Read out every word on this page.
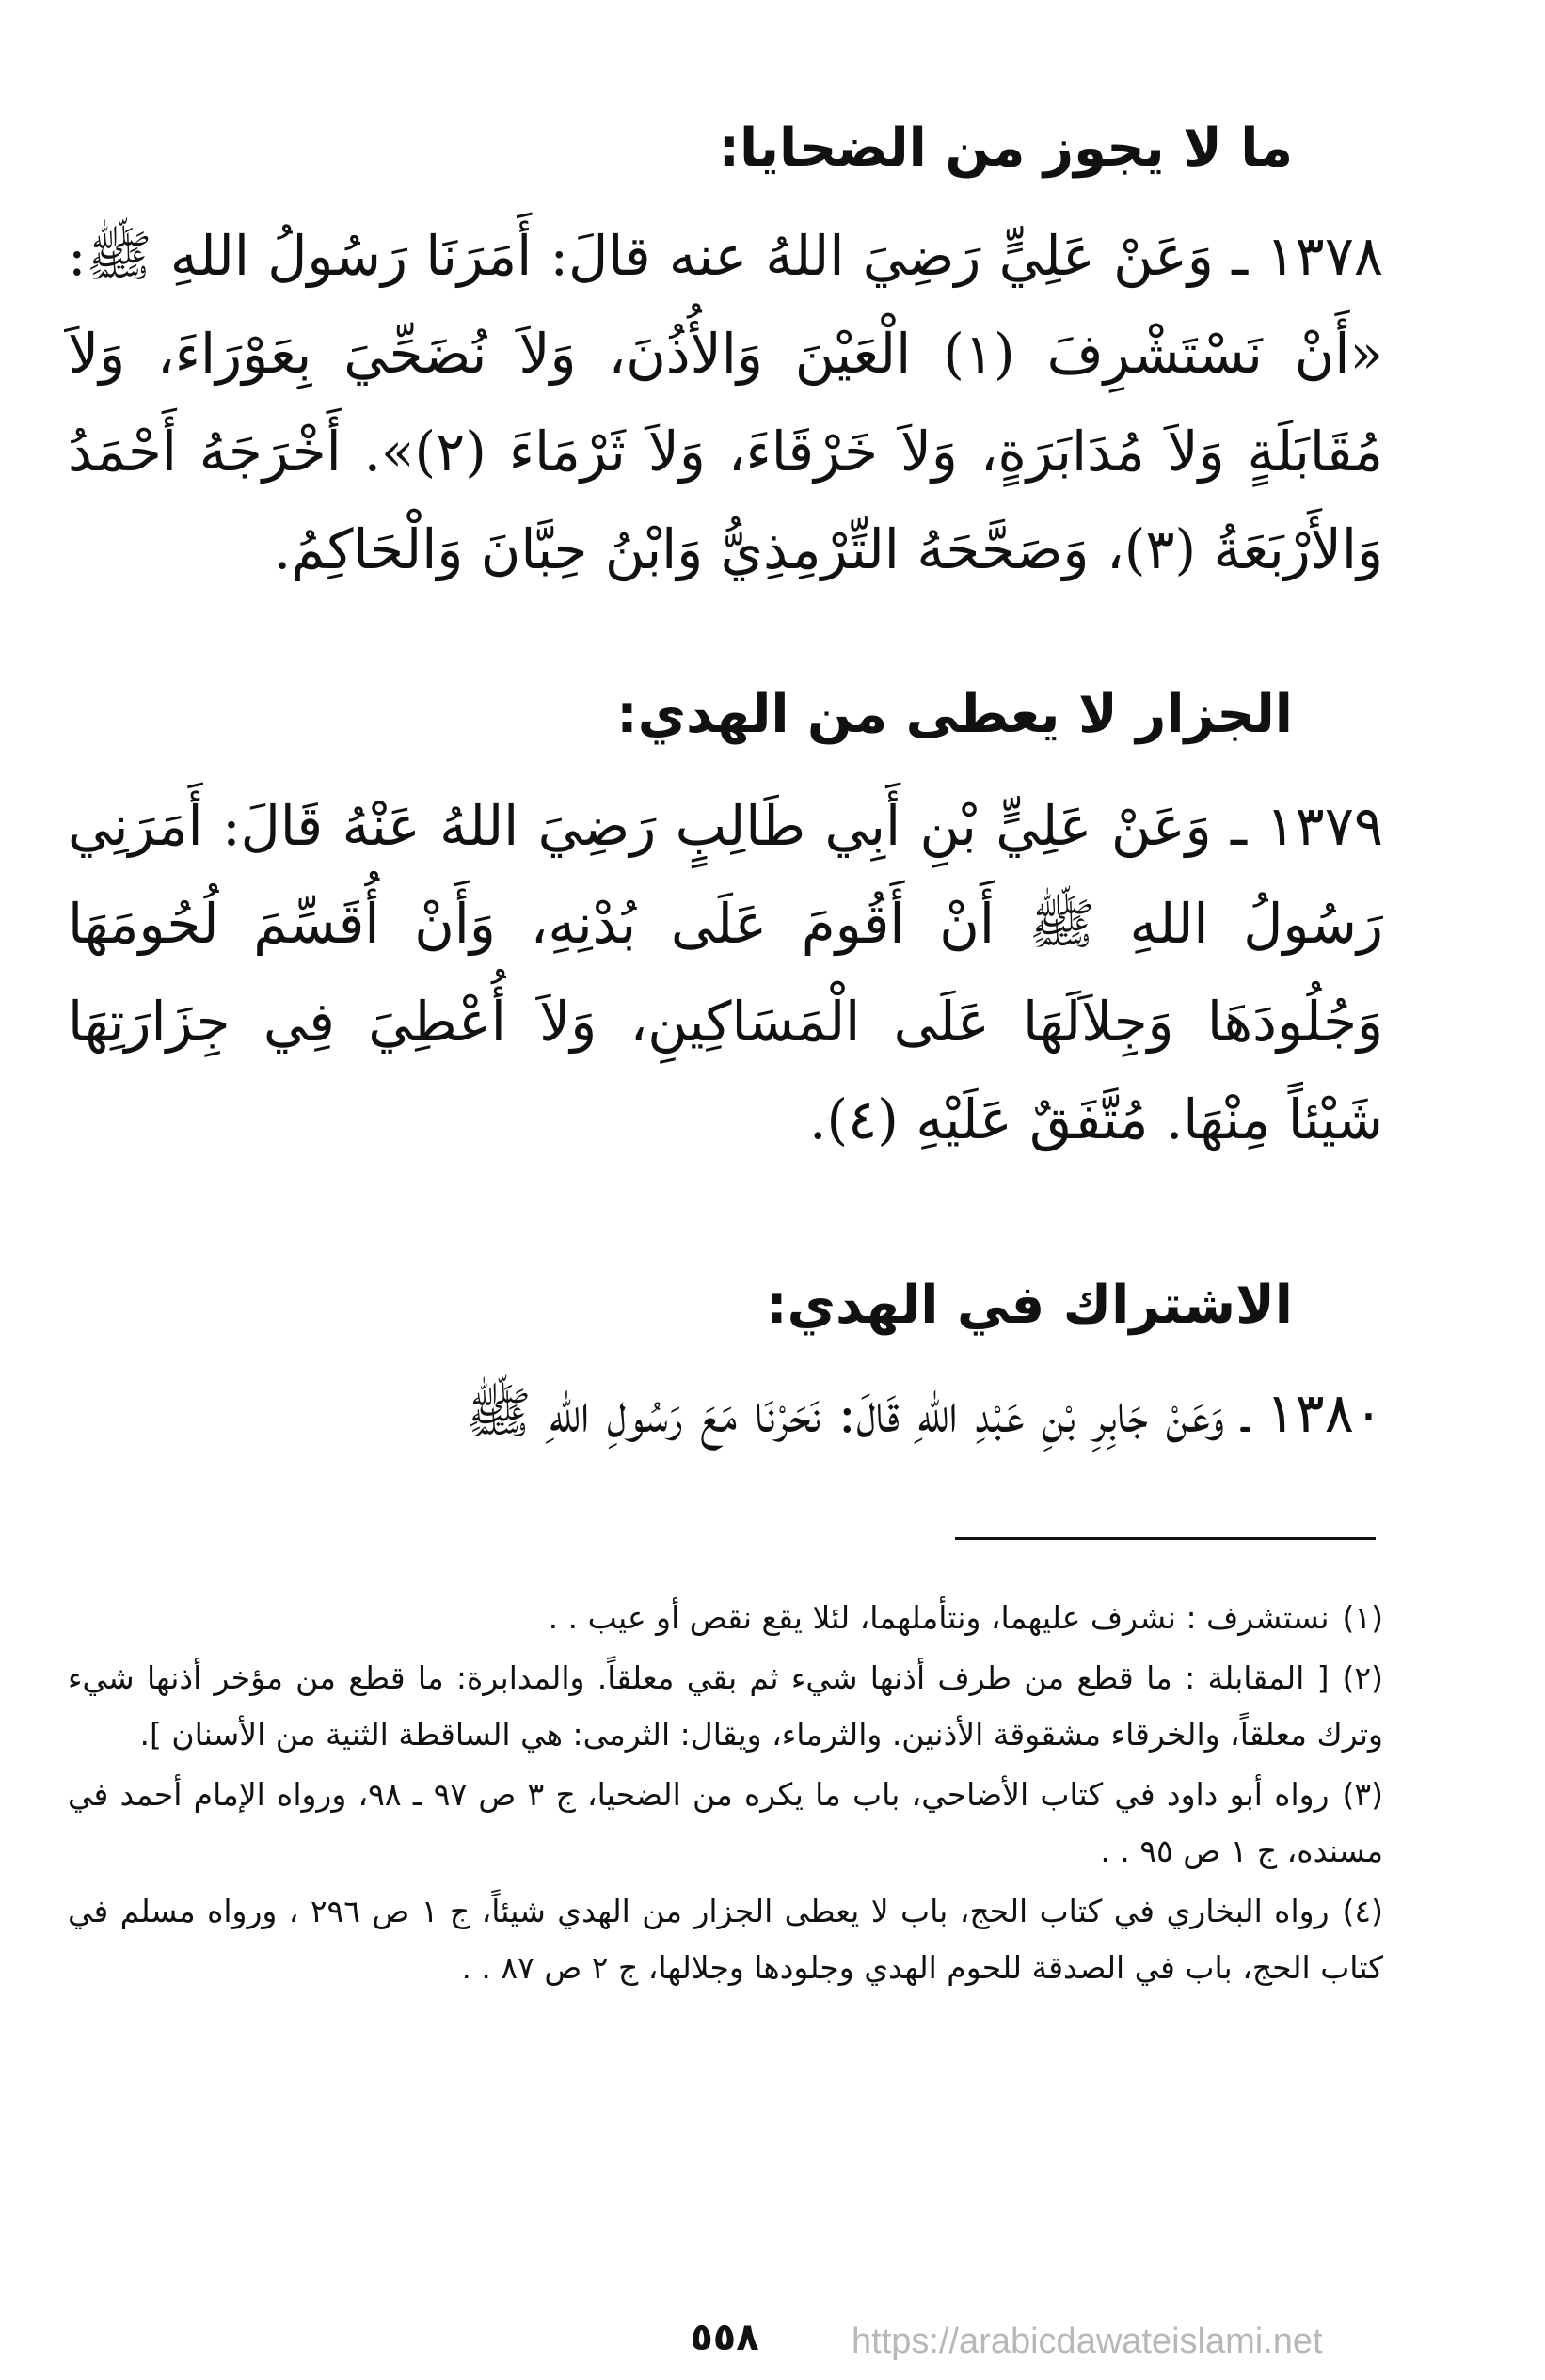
ما لا يجوز من الضحايا:
١٣٧٨ ـ وَعَنْ عَلِيٍّ رَضِيَ اللهُ عنه قالَ: أَمَرَنَا رَسُولُ اللهِ ﷺ: «أَنْ نَسْتَشْرِفَ (١) الْعَيْنَ وَالأُذُنَ، وَلاَ نُضَحِّيَ بِعَوْرَاءَ، وَلاَ مُقَابَلَةٍ وَلاَ مُدَابَرَةٍ، وَلاَ خَرْقَاءَ، وَلاَ ثَرْمَاءَ (٢)». أَخْرَجَهُ أَحْمَدُ وَالأَرْبَعَةُ (٣)، وَصَحَّحَهُ التِّرْمِذِيُّ وَابْنُ حِبَّانَ وَالْحَاكِمُ.
الجزار لا يعطى من الهدي:
١٣٧٩ ـ وَعَنْ عَلِيٍّ بْنِ أَبِي طَالِبٍ رَضِيَ اللهُ عَنْهُ قَالَ: أَمَرَنِي رَسُولُ اللهِ ﷺ أَنْ أَقُومَ عَلَى بُدْنِهِ، وَأَنْ أُقَسِّمَ لُحُومَهَا وَجُلُودَهَا وَجِلاَلَهَا عَلَى الْمَسَاكِينِ، وَلاَ أُعْطِيَ فِي جِزَارَتِهَا شَيْئاً مِنْهَا. مُتَّفَقٌ عَلَيْهِ (٤).
الاشتراك في الهدي:
١٣٨٠ ـ وَعَنْ جَابِرِ بْنِ عَبْدِ اللهِ قَالَ: نَحَرْنَا مَعَ رَسُولِ اللهِ ﷺ
(١)نستشرف : نشرف عليهما، ونتأملهما، لئلا يقع نقص أو عيب . .
(٢)[ المقابلة : ما قطع من طرف أذنها شيء ثم بقي معلقاً. والمدابرة: ما قطع من مؤخر أذنها شيء وترك معلقاً، والخرقاء مشقوقة الأذنين. والثرماء، ويقال: الثرمى: هي الساقطة الثنية من الأسنان ].
(٣)رواه أبو داود في كتاب الأضاحي، باب ما يكره من الضحيا، ج ٣ ص ٩٧ ـ ٩٨، ورواه الإمام أحمد في مسنده، ج ١ ص ٩٥ . .
(٤)رواه البخاري في كتاب الحج، باب لا يعطى الجزار من الهدي شيئاً، ج ١ ص ٢٩٦ ، ورواه مسلم في كتاب الحج، باب في الصدقة للحوم الهدي وجلودها وجلالها، ج ٢ ص ٨٧ . .
٥٥٨	https://arabicdawateislami.net
